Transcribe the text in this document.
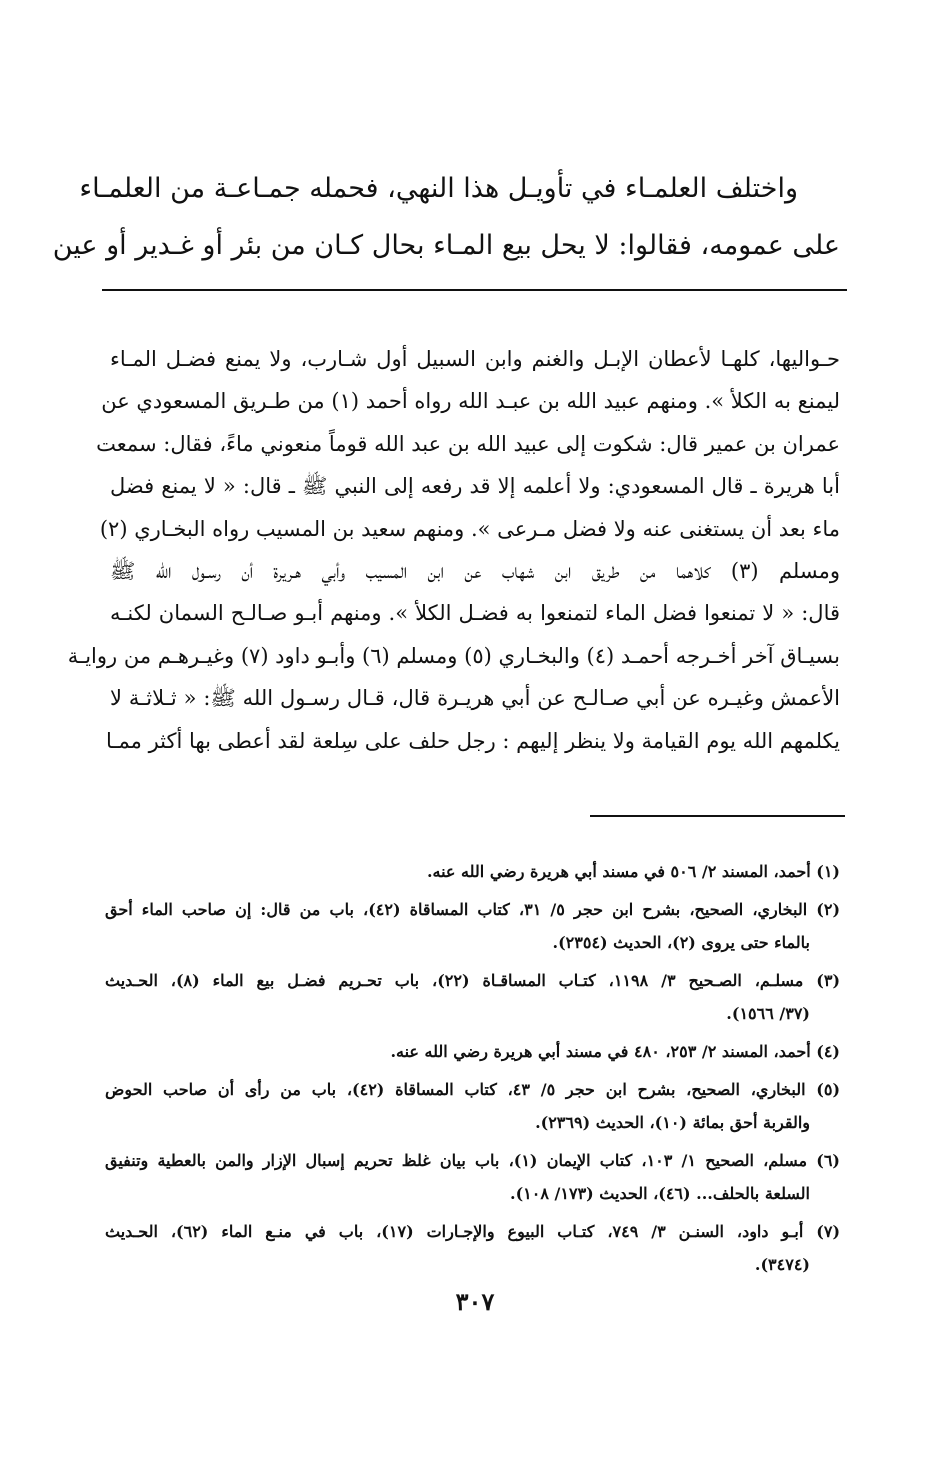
واختلف العلمـاء في تأويـل هذا النهي، فحمله جمـاعـة من العلمـاء
على عمومه، فقالوا: لا يحل بيع المـاء بحال كـان من بئر أو غـدير أو عين
حـواليها، كلهـا لأعطان الإبـل والغنم وابن السبيل أول شـارب، ولا يمنع فضـل المـاء
ليمنع به الكلأ ». ومنهم عبيد الله بن عبـد الله رواه أحمد (١) من طـريق المسعودي عن
عمران بن عمير قال: شكوت إلى عبيد الله بن عبد الله قوماً منعوني ماءً، فقال: سمعت
أبا هريرة ـ قال المسعودي: ولا أعلمه إلا قد رفعه إلى النبي ﷺ ـ قال: « لا يمنع فضل
ماء بعد أن يستغنى عنه ولا فضل مـرعى ». ومنهم سعيد بن المسيب رواه البخـاري (٢)
ومسلم (٣) كلاهما من طريق ابن شهاب عن ابن المسيب وأبي هـريرة أن رسـول الله ﷺ
قال: « لا تمنعوا فضل الماء لتمنعوا به فضـل الكلأ ». ومنهم أبـو صـالـح السمان لكنـه
بسيـاق آخر أخـرجه أحمـد (٤) والبخـاري (٥) ومسلم (٦) وأبـو داود (٧) وغيـرهـم من روايـة
الأعمش وغيـره عن أبي صـالـح عن أبي هريـرة قال، قـال رسـول الله ﷺ: « ثـلاثـة لا
يكلمهم الله يوم القيامة ولا ينظر إليهم : رجل حلف على سِلعة لقد أعطى بها أكثر ممـا
(١) أحمد، المسند ٢/ ٥٠٦ في مسند أبي هريرة رضي الله عنه.
(٢) البخاري، الصحيح، بشرح ابن حجر ٥/ ٣١، كتاب المساقاة (٤٢)، باب من قال: إن صاحب الماء أحق
بالماء حتى يروى (٢)، الحديث (٢٣٥٤).
(٣) مسلـم، الصـحيح ٣/ ١١٩٨، كتـاب المساقـاة (٢٢)، باب تحـريم فضـل بيع الماء (٨)، الحـديث
(٣٧/ ١٥٦٦).
(٤) أحمد، المسند ٢/ ٢٥٣، ٤٨٠ في مسند أبي هريرة رضي الله عنه.
(٥) البخاري، الصحيح، بشرح ابن حجر ٥/ ٤٣، كتاب المساقاة (٤٢)، باب من رأى أن صاحب الحوض
والقربة أحق بمائة (١٠)، الحديث (٢٣٦٩).
(٦) مسلم، الصحيح ١/ ١٠٣، كتاب الإيمان (١)، باب بيان غلظ تحريم إسبال الإزار والمن بالعطية وتنفيق
السلعة بالحلف... (٤٦)، الحديث (١٧٣/ ١٠٨).
(٧) أبـو داود، السنـن ٣/ ٧٤٩، كتـاب البيوع والإجـارات (١٧)، باب في منـع الماء (٦٢)، الحـديث
(٣٤٧٤).
٣٠٧
